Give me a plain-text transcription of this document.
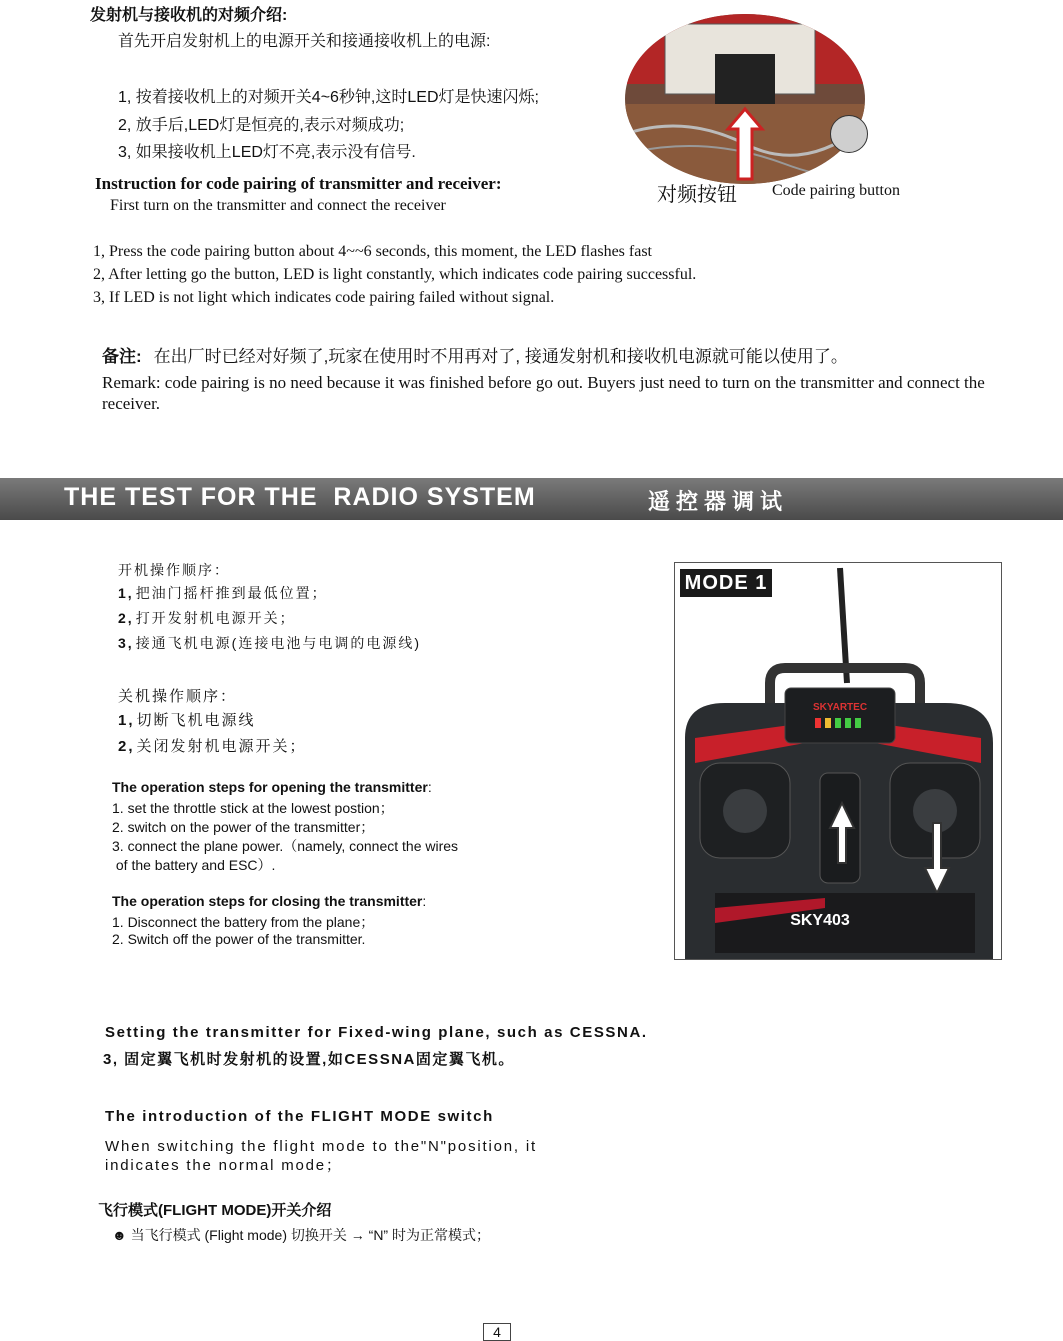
发射机与接收机的对频介绍:
首先开启发射机上的电源开关和接通接收机上的电源:
1, 按着接收机上的对频开关4~6秒钟,这时LED灯是快速闪烁;
2, 放手后,LED灯是恒亮的,表示对频成功;
3, 如果接收机上LED灯不亮,表示没有信号.
对频按钮 Code pairing button
Instruction for code pairing of transmitter and receiver:
First turn on the transmitter and connect the receiver
1, Press the code pairing button about 4~~6 seconds, this moment, the LED flashes fast
2, After letting go the button, LED is light constantly, which indicates code pairing successful.
3, If LED is not light which indicates code pairing failed without signal.
备注: 在出厂时已经对好频了,玩家在使用时不用再对了, 接通发射机和接收机电源就可能以使用了。
Remark: code pairing is no need because it was finished before go out. Buyers just need to turn on the transmitter and connect the receiver.
THE TEST FOR THE  RADIO SYSTEM	遥控器调试
开机操作顺序：
1, 把油门摇杆推到最低位置；
2, 打开发射机电源开关；
3, 接通飞机电源(连接电池与电调的电源线)
关机操作顺序：
1, 切断飞机电源线
2, 关闭发射机电源开关；
The operation steps for opening the transmitter:
1. set the throttle stick at the lowest postion；
2. switch on the power of the transmitter；
3. connect the plane power.（namely, connect the wires
of the battery and ESC）.
The operation steps for closing the transmitter:
1. Disconnect the battery from the plane；
2. Switch off the power of the transmitter.
SKYARTEC
SKY403
MODE 1
Setting the transmitter for Fixed-wing plane, such as CESSNA.
3, 固定翼飞机时发射机的设置,如CESSNA固定翼飞机。
The introduction of the FLIGHT MODE switch
When switching the flight mode to the"N"position, it indicates the normal mode；
飞行模式(FLIGHT MODE)开关介绍
☻ 当飞行模式 (Flight mode) 切换开关 → “N” 时为正常模式；
4
